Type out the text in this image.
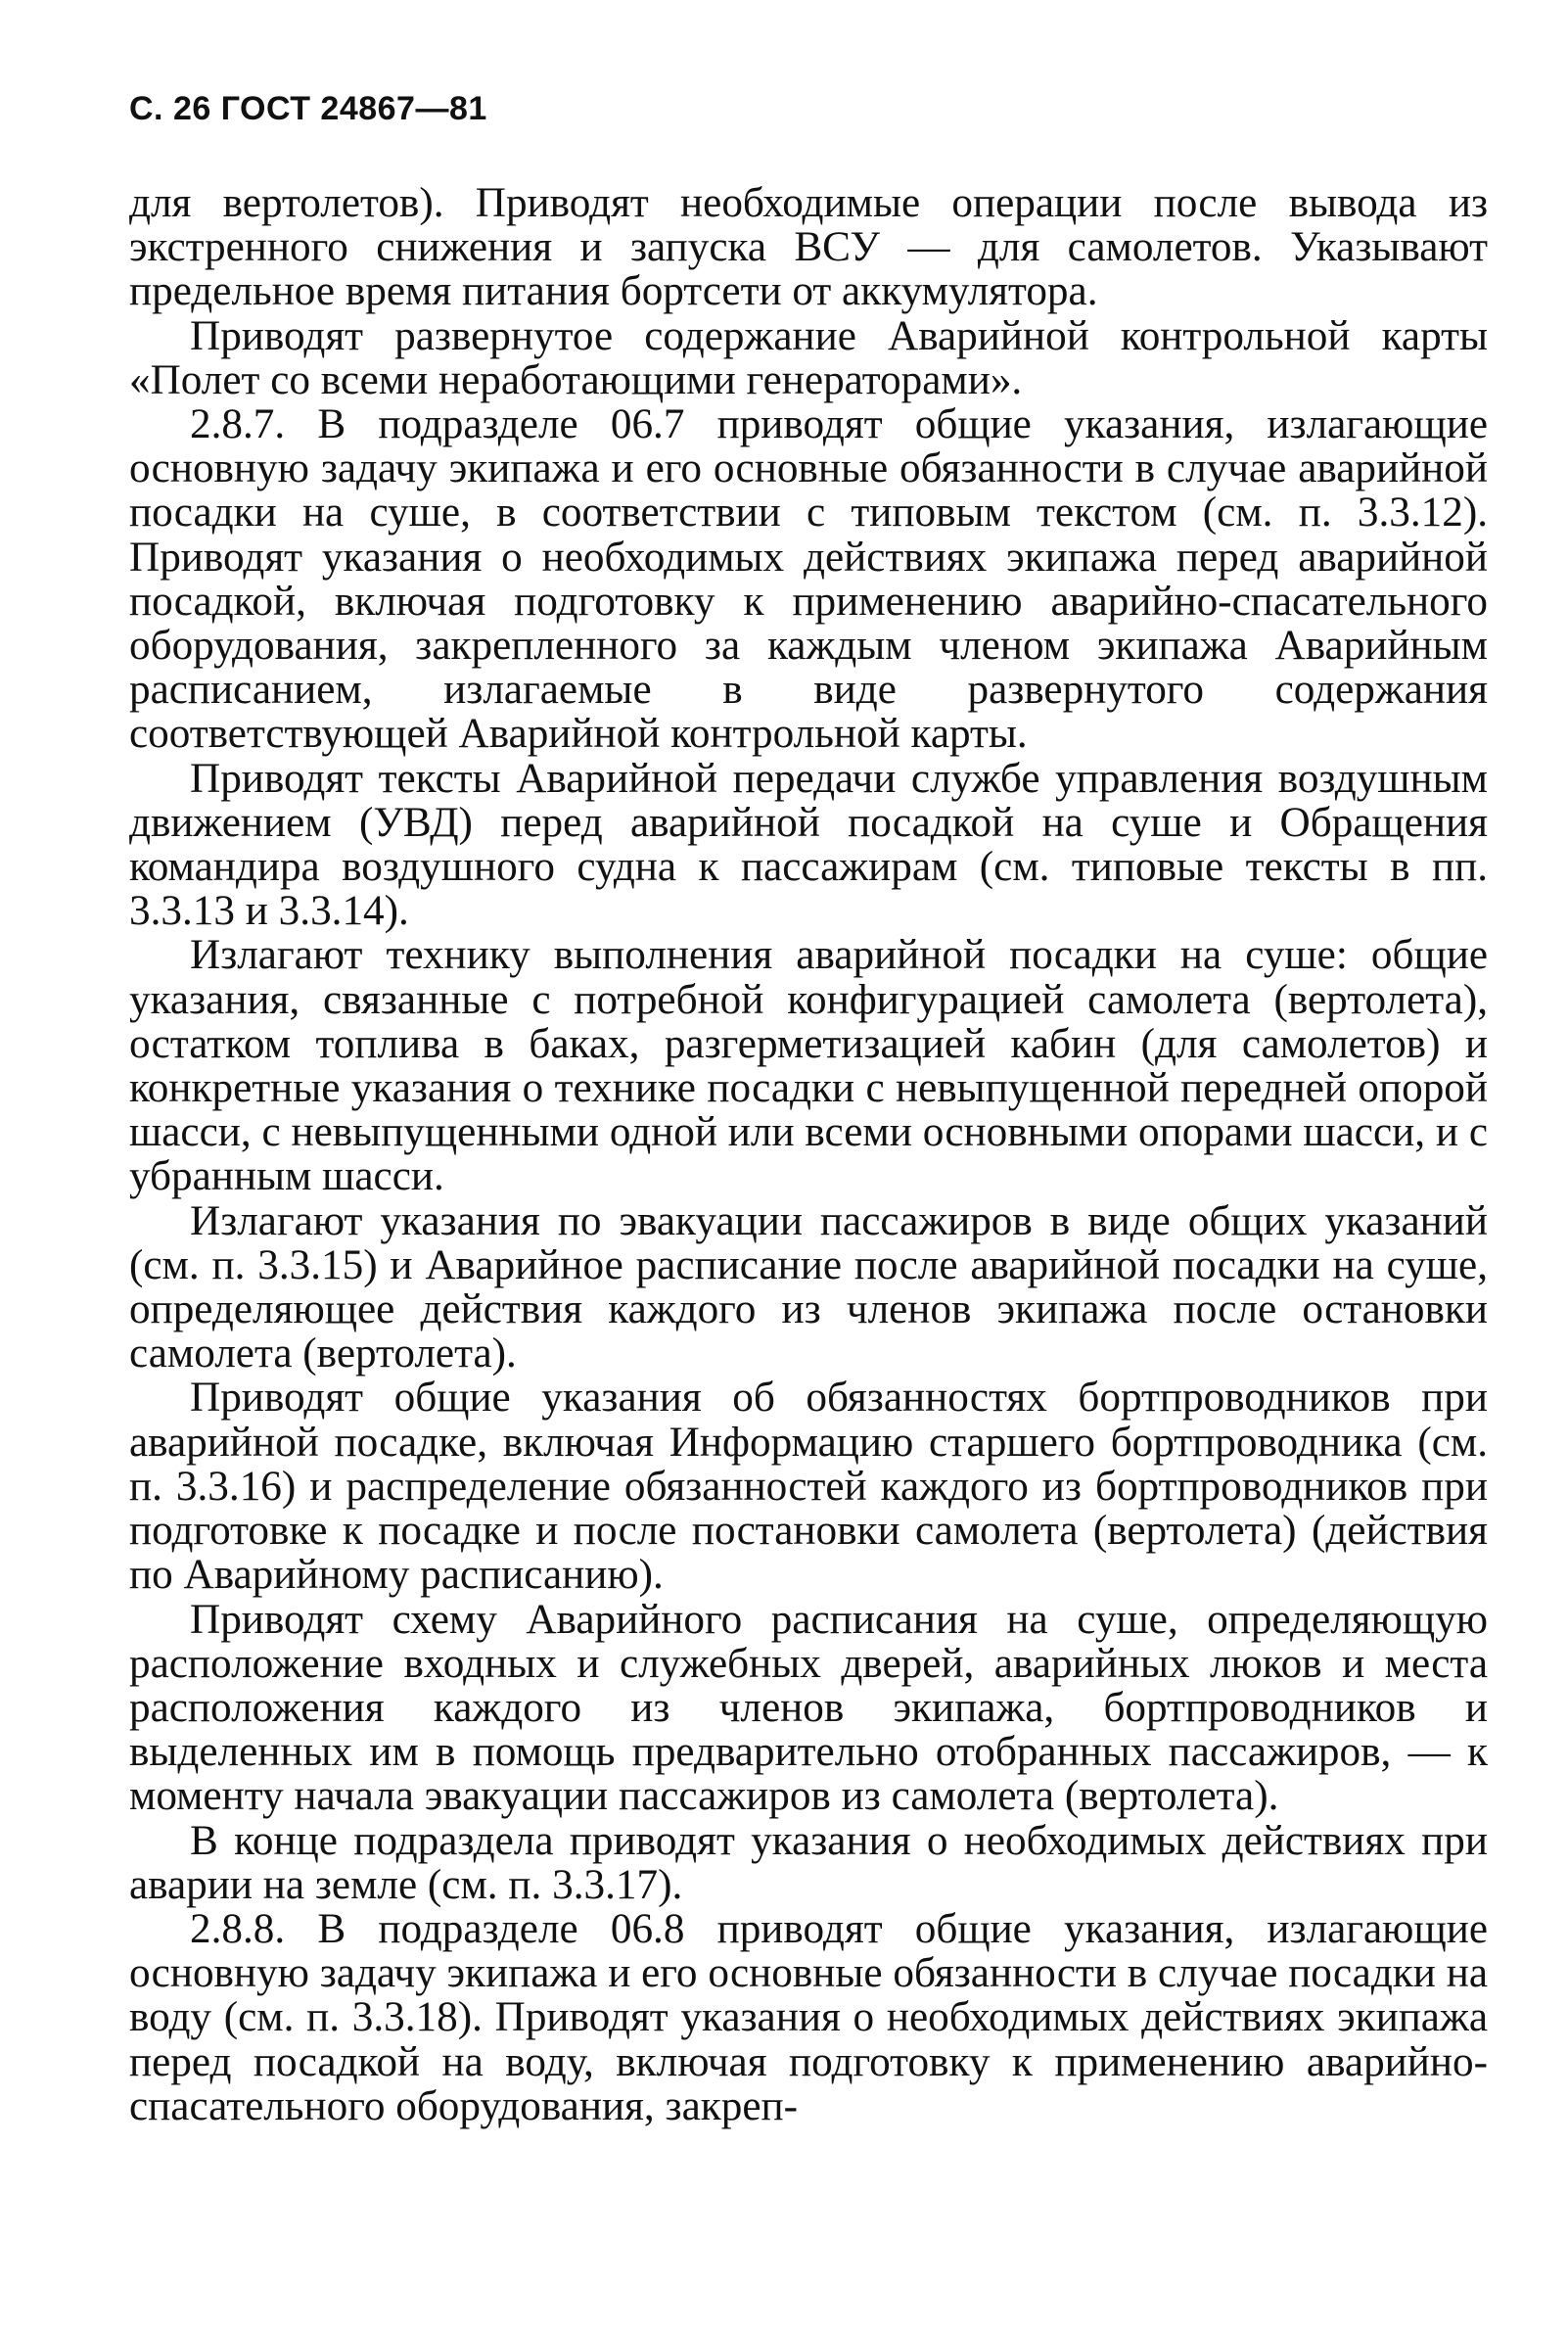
С. 26 ГОСТ 24867—81

для вертолетов). Приводят необходимые операции после вывода из экстренного снижения и запуска ВСУ — для самолетов. Указывают предельное время питания бортсети от аккумулятора.

Приводят развернутое содержание Аварийной контрольной карты «Полет со всеми неработающими генераторами».

2.8.7. В подразделе 06.7 приводят общие указания, излагающие основную задачу экипажа и его основные обязанности в случае аварийной посадки на суше, в соответствии с типовым текстом (см. п. 3.3.12). Приводят указания о необходимых действиях экипажа перед аварийной посадкой, включая подготовку к применению аварийно-спасательного оборудования, закрепленного за каждым членом экипажа Аварийным расписанием, излагаемые в виде развернутого содержания соответствующей Аварийной контрольной карты.

Приводят тексты Аварийной передачи службе управления воздушным движением (УВД) перед аварийной посадкой на суше и Обращения командира воздушного судна к пассажирам (см. типовые тексты в пп. 3.3.13 и 3.3.14).

Излагают технику выполнения аварийной посадки на суше: общие указания, связанные с потребной конфигурацией самолета (вертолета), остатком топлива в баках, разгерметизацией кабин (для самолетов) и конкретные указания о технике посадки с невыпущенной передней опорой шасси, с невыпущенными одной или всеми основными опорами шасси, и с убранным шасси.

Излагают указания по эвакуации пассажиров в виде общих указаний (см. п. 3.3.15) и Аварийное расписание после аварийной посадки на суше, определяющее действия каждого из членов экипажа после остановки самолета (вертолета).

Приводят общие указания об обязанностях бортпроводников при аварийной посадке, включая Информацию старшего бортпроводника (см. п. 3.3.16) и распределение обязанностей каждого из бортпроводников при подготовке к посадке и после постановки самолета (вертолета) (действия по Аварийному расписанию).

Приводят схему Аварийного расписания на суше, определяющую расположение входных и служебных дверей, аварийных люков и места расположения каждого из членов экипажа, бортпроводников и выделенных им в помощь предварительно отобранных пассажиров, — к моменту начала эвакуации пассажиров из самолета (вертолета).

В конце подраздела приводят указания о необходимых действиях при аварии на земле (см. п. 3.3.17).

2.8.8. В подразделе 06.8 приводят общие указания, излагающие основную задачу экипажа и его основные обязанности в случае посадки на воду (см. п. 3.3.18). Приводят указания о необходимых действиях экипажа перед посадкой на воду, включая подготовку к применению аварийно-спасательного оборудования, закреп-
